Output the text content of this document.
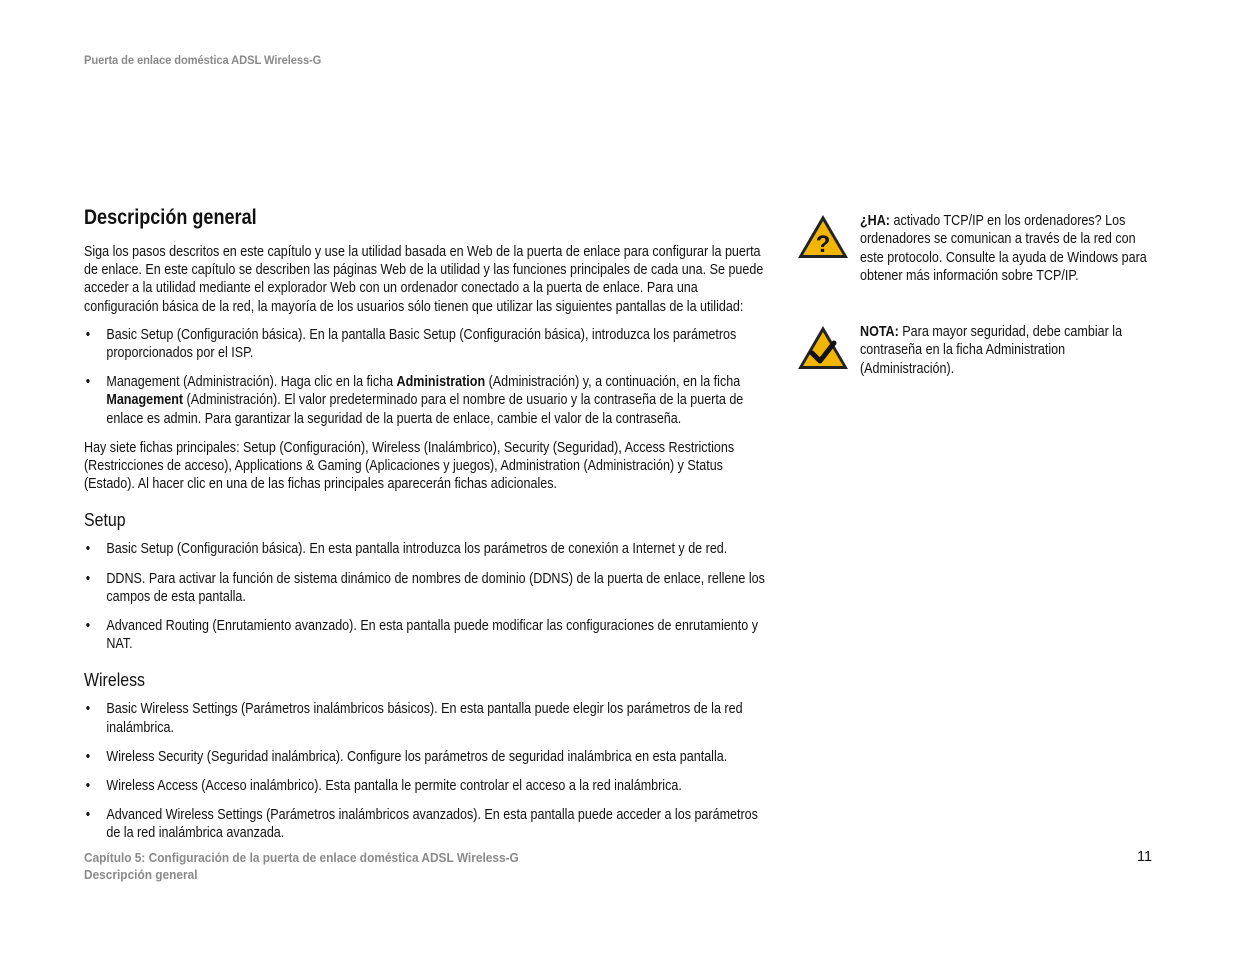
Puerta de enlace doméstica ADSL Wireless-G
Descripción general

Siga los pasos descritos en este capítulo y use la utilidad basada en Web de la puerta de enlace para configurar la puerta de enlace. En este capítulo se describen las páginas Web de la utilidad y las funciones principales de cada una. Se puede acceder a la utilidad mediante el explorador Web con un ordenador conectado a la puerta de enlace. Para una configuración básica de la red, la mayoría de los usuarios sólo tienen que utilizar las siguientes pantallas de la utilidad:

• Basic Setup (Configuración básica). En la pantalla Basic Setup (Configuración básica), introduzca los parámetros proporcionados por el ISP.
• Management (Administración). Haga clic en la ficha Administration (Administración) y, a continuación, en la ficha Management (Administración). El valor predeterminado para el nombre de usuario y la contraseña de la puerta de enlace es admin. Para garantizar la seguridad de la puerta de enlace, cambie el valor de la contraseña.

Hay siete fichas principales: Setup (Configuración), Wireless (Inalámbrico), Security (Seguridad), Access Restrictions (Restricciones de acceso), Applications & Gaming (Aplicaciones y juegos), Administration (Administración) y Status (Estado). Al hacer clic en una de las fichas principales aparecerán fichas adicionales.

Setup
• Basic Setup (Configuración básica). En esta pantalla introduzca los parámetros de conexión a Internet y de red.
• DDNS. Para activar la función de sistema dinámico de nombres de dominio (DDNS) de la puerta de enlace, rellene los campos de esta pantalla.
• Advanced Routing (Enrutamiento avanzado). En esta pantalla puede modificar las configuraciones de enrutamiento y NAT.
Wireless
• Basic Wireless Settings (Parámetros inalámbricos básicos). En esta pantalla puede elegir los parámetros de la red inalámbrica.
• Wireless Security (Seguridad inalámbrica). Configure los parámetros de seguridad inalámbrica en esta pantalla.
• Wireless Access (Acceso inalámbrico). Esta pantalla le permite controlar el acceso a la red inalámbrica.
• Advanced Wireless Settings (Parámetros inalámbricos avanzados). En esta pantalla puede acceder a los parámetros de la red inalámbrica avanzada.
?
¿HA: activado TCP/IP en los ordenadores? Los ordenadores se comunican a través de la red con este protocolo. Consulte la ayuda de Windows para obtener más información sobre TCP/IP.
NOTA: Para mayor seguridad, debe cambiar la contraseña en la ficha Administration (Administración).
Capítulo 5: Configuración de la puerta de enlace doméstica ADSL Wireless-G
Descripción general
11
